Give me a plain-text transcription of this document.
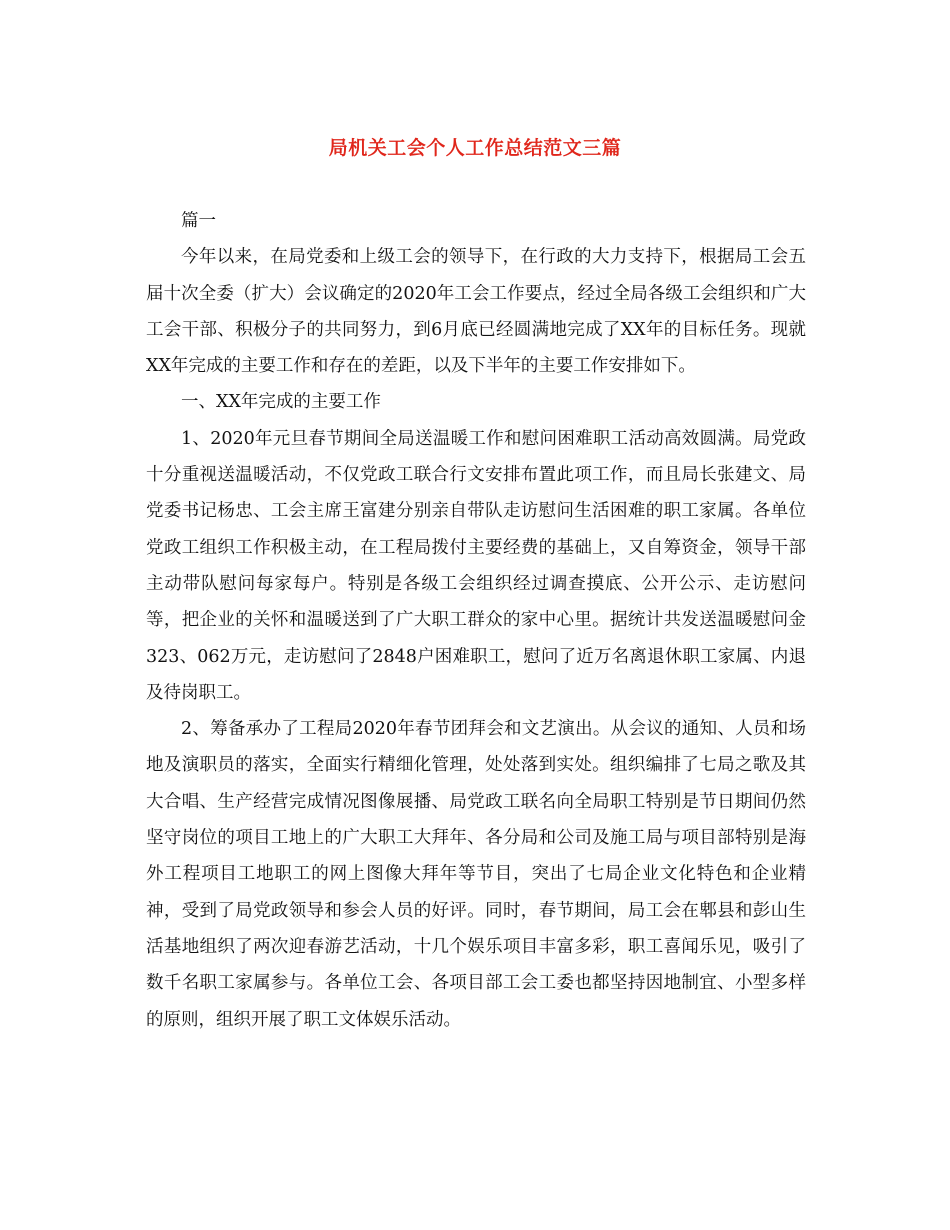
局机关工会个人工作总结范文三篇

篇一

今年以来，在局党委和上级工会的领导下，在行政的大力支持下，根据局工会五届十次全委（扩大）会议确定的2020年工会工作要点，经过全局各级工会组织和广大工会干部、积极分子的共同努力，到6月底已经圆满地完成了XX年的目标任务。现就XX年完成的主要工作和存在的差距，以及下半年的主要工作安排如下。

一、XX年完成的主要工作

1、2020年元旦春节期间全局送温暖工作和慰问困难职工活动高效圆满。局党政十分重视送温暖活动，不仅党政工联合行文安排布置此项工作，而且局长张建文、局党委书记杨忠、工会主席王富建分别亲自带队走访慰问生活困难的职工家属。各单位党政工组织工作积极主动，在工程局拨付主要经费的基础上，又自筹资金，领导干部主动带队慰问每家每户。特别是各级工会组织经过调查摸底、公开公示、走访慰问等，把企业的关怀和温暖送到了广大职工群众的家中心里。据统计共发送温暖慰问金323、062万元，走访慰问了2848户困难职工，慰问了近万名离退休职工家属、内退及待岗职工。

2、筹备承办了工程局2020年春节团拜会和文艺演出。从会议的通知、人员和场地及演职员的落实，全面实行精细化管理，处处落到实处。组织编排了七局之歌及其大合唱、生产经营完成情况图像展播、局党政工联名向全局职工特别是节日期间仍然坚守岗位的项目工地上的广大职工大拜年、各分局和公司及施工局与项目部特别是海外工程项目工地职工的网上图像大拜年等节目，突出了七局企业文化特色和企业精神，受到了局党政领导和参会人员的好评。同时，春节期间，局工会在郫县和彭山生活基地组织了两次迎春游艺活动，十几个娱乐项目丰富多彩，职工喜闻乐见，吸引了数千名职工家属参与。各单位工会、各项目部工会工委也都坚持因地制宜、小型多样的原则，组织开展了职工文体娱乐活动。
